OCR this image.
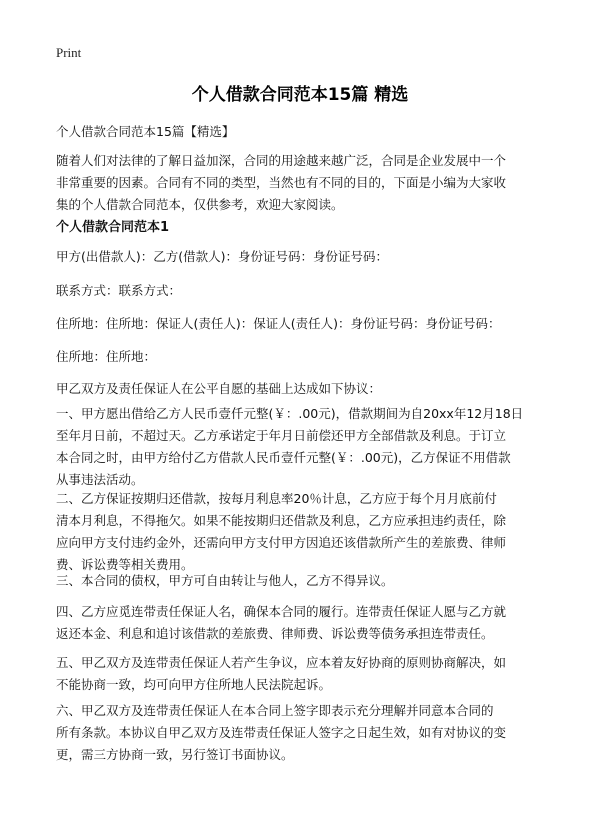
Print
个人借款合同范本15篇 精选
个人借款合同范本15篇【精选】
随着人们对法律的了解日益加深，合同的用途越来越广泛，合同是企业发展中一个
非常重要的因素。合同有不同的类型，当然也有不同的目的，下面是小编为大家收
集的个人借款合同范本，仅供参考，欢迎大家阅读。
个人借款合同范本1
甲方(出借款人)：乙方(借款人)：身份证号码：身份证号码：
联系方式：联系方式：
住所地：住所地：保证人(责任人)：保证人(责任人)：身份证号码：身份证号码：
住所地：住所地：
甲乙双方及责任保证人在公平自愿的基础上达成如下协议：
一、甲方愿出借给乙方人民币壹仟元整(￥：.00元)，借款期间为自20xx年12月18日
至年月日前，不超过天。乙方承诺定于年月日前偿还甲方全部借款及利息。于订立
本合同之时，由甲方给付乙方借款人民币壹仟元整(￥：.00元)，乙方保证不用借款
从事违法活动。
二、乙方保证按期归还借款，按每月利息率20％计息，乙方应于每个月月底前付
清本月利息，不得拖欠。如果不能按期归还借款及利息，乙方应承担违约责任，除
应向甲方支付违约金外，还需向甲方支付甲方因追还该借款所产生的差旅费、律师
费、诉讼费等相关费用。
三、本合同的债权，甲方可自由转让与他人，乙方不得异议。
四、乙方应觅连带责任保证人名，确保本合同的履行。连带责任保证人愿与乙方就
返还本金、利息和追讨该借款的差旅费、律师费、诉讼费等债务承担连带责任。
五、甲乙双方及连带责任保证人若产生争议，应本着友好协商的原则协商解决，如
不能协商一致，均可向甲方住所地人民法院起诉。
六、甲乙双方及连带责任保证人在本合同上签字即表示充分理解并同意本合同的
所有条款。本协议自甲乙双方及连带责任保证人签字之日起生效，如有对协议的变
更，需三方协商一致，另行签订书面协议。
